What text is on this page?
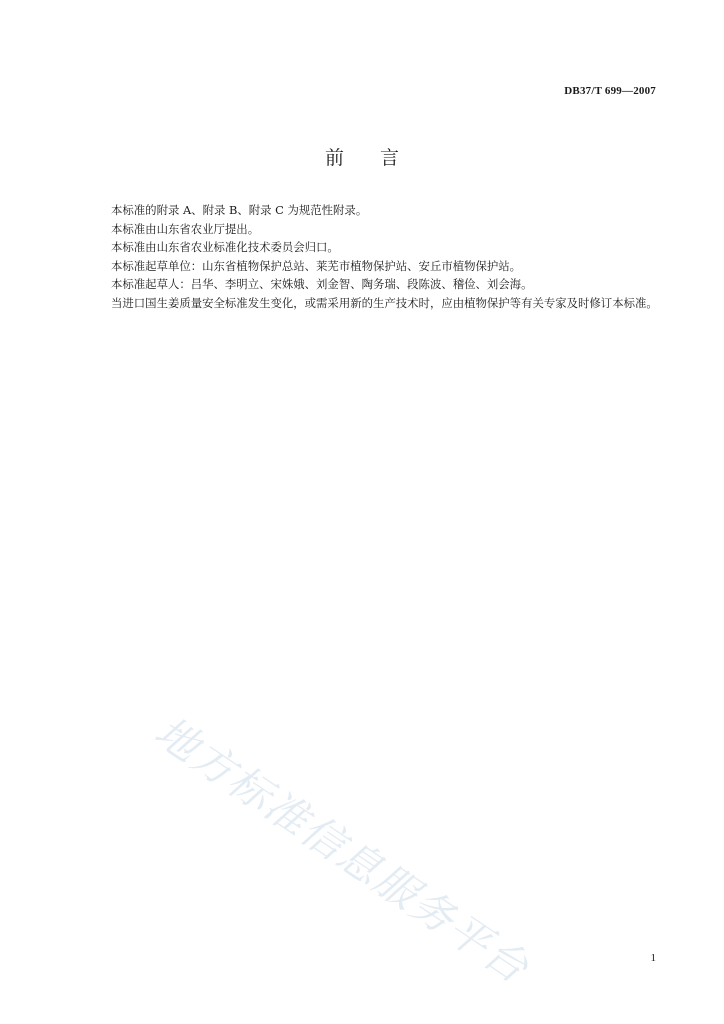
DB37/T 699—2007
前言

本标准的附录 A、附录 B、附录 C 为规范性附录。

本标准由山东省农业厅提出。

本标准由山东省农业标准化技术委员会归口。

本标准起草单位：山东省植物保护总站、莱芜市植物保护站、安丘市植物保护站。

本标准起草人：吕华、李明立、宋姝娥、刘金智、陶务瑞、段陈波、稽俭、刘会海。

当进口国生姜质量安全标准发生变化，或需采用新的生产技术时，应由植物保护等有关专家及时修订本标准。

地方标准信息服务平台	1
